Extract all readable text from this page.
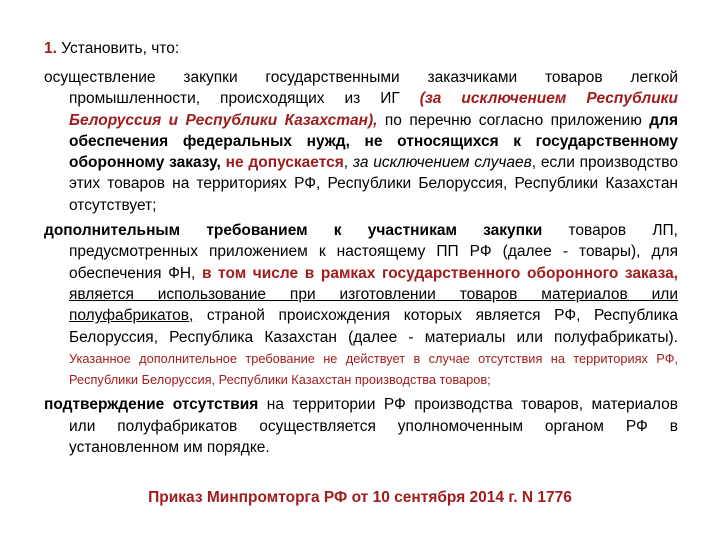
1. Установить, что:

осуществление закупки государственными заказчиками товаров легкой промышленности, происходящих из ИГ (за исключением Республики Белоруссия и Республики Казахстан), по перечню согласно приложению для обеспечения федеральных нужд, не относящихся к государственному оборонному заказу, не допускается, за исключением случаев, если производство этих товаров на территориях РФ, Республики Белоруссия, Республики Казахстан отсутствует;

дополнительным требованием к участникам закупки товаров ЛП, предусмотренных приложением к настоящему ПП РФ (далее - товары), для обеспечения ФН, в том числе в рамках государственного оборонного заказа, является использование при изготовлении товаров материалов или полуфабрикатов, страной происхождения которых является РФ, Республика Белоруссия, Республика Казахстан (далее - материалы или полуфабрикаты). Указанное дополнительное требование не действует в случае отсутствия на территориях РФ, Республики Белоруссия, Республики Казахстан производства товаров;

подтверждение отсутствия на территории РФ производства товаров, материалов или полуфабрикатов осуществляется уполномоченным органом РФ в установленном им порядке.

Приказ Минпромторга РФ от 10 сентября 2014 г. N 1776
